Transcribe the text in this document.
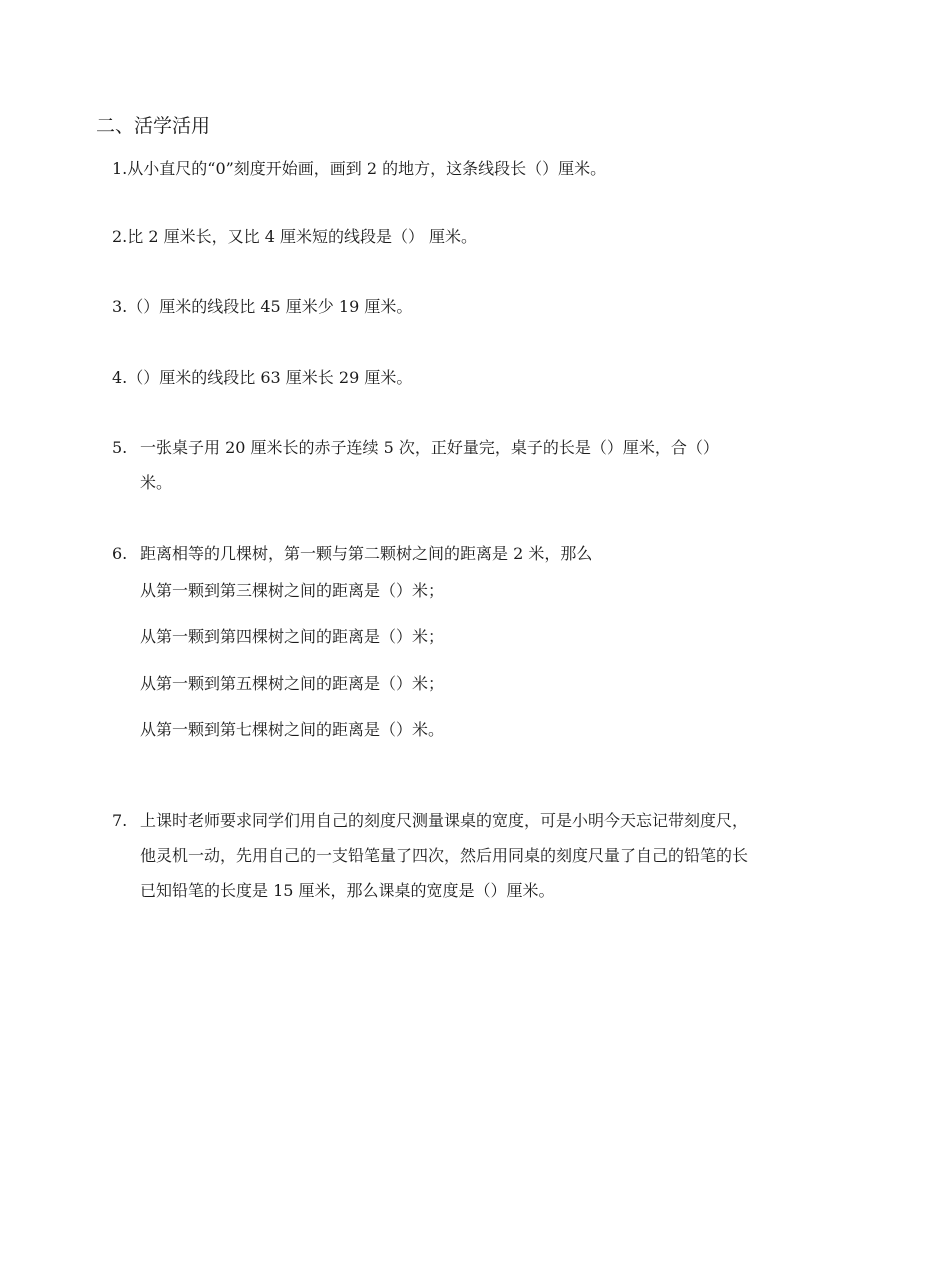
二、活学活用
1.从小直尺的“0”刻度开始画，画到 2 的地方，这条线段长（）厘米。
2.比 2 厘米长，又比 4 厘米短的线段是（） 厘米。
3.（）厘米的线段比 45 厘米少 19 厘米。
4.（）厘米的线段比 63 厘米长 29 厘米。
5. 一张桌子用 20 厘米长的赤子连续 5 次，正好量完，桌子的长是（）厘米，合（）
米。
6. 距离相等的几棵树，第一颗与第二颗树之间的距离是 2 米，那么
从第一颗到第三棵树之间的距离是（）米；
从第一颗到第四棵树之间的距离是（）米；
从第一颗到第五棵树之间的距离是（）米；
从第一颗到第七棵树之间的距离是（）米。
7. 上课时老师要求同学们用自己的刻度尺测量课桌的宽度，可是小明今天忘记带刻度尺，
他灵机一动，先用自己的一支铅笔量了四次，然后用同桌的刻度尺量了自己的铅笔的长
已知铅笔的长度是 15 厘米，那么课桌的宽度是（）厘米。
